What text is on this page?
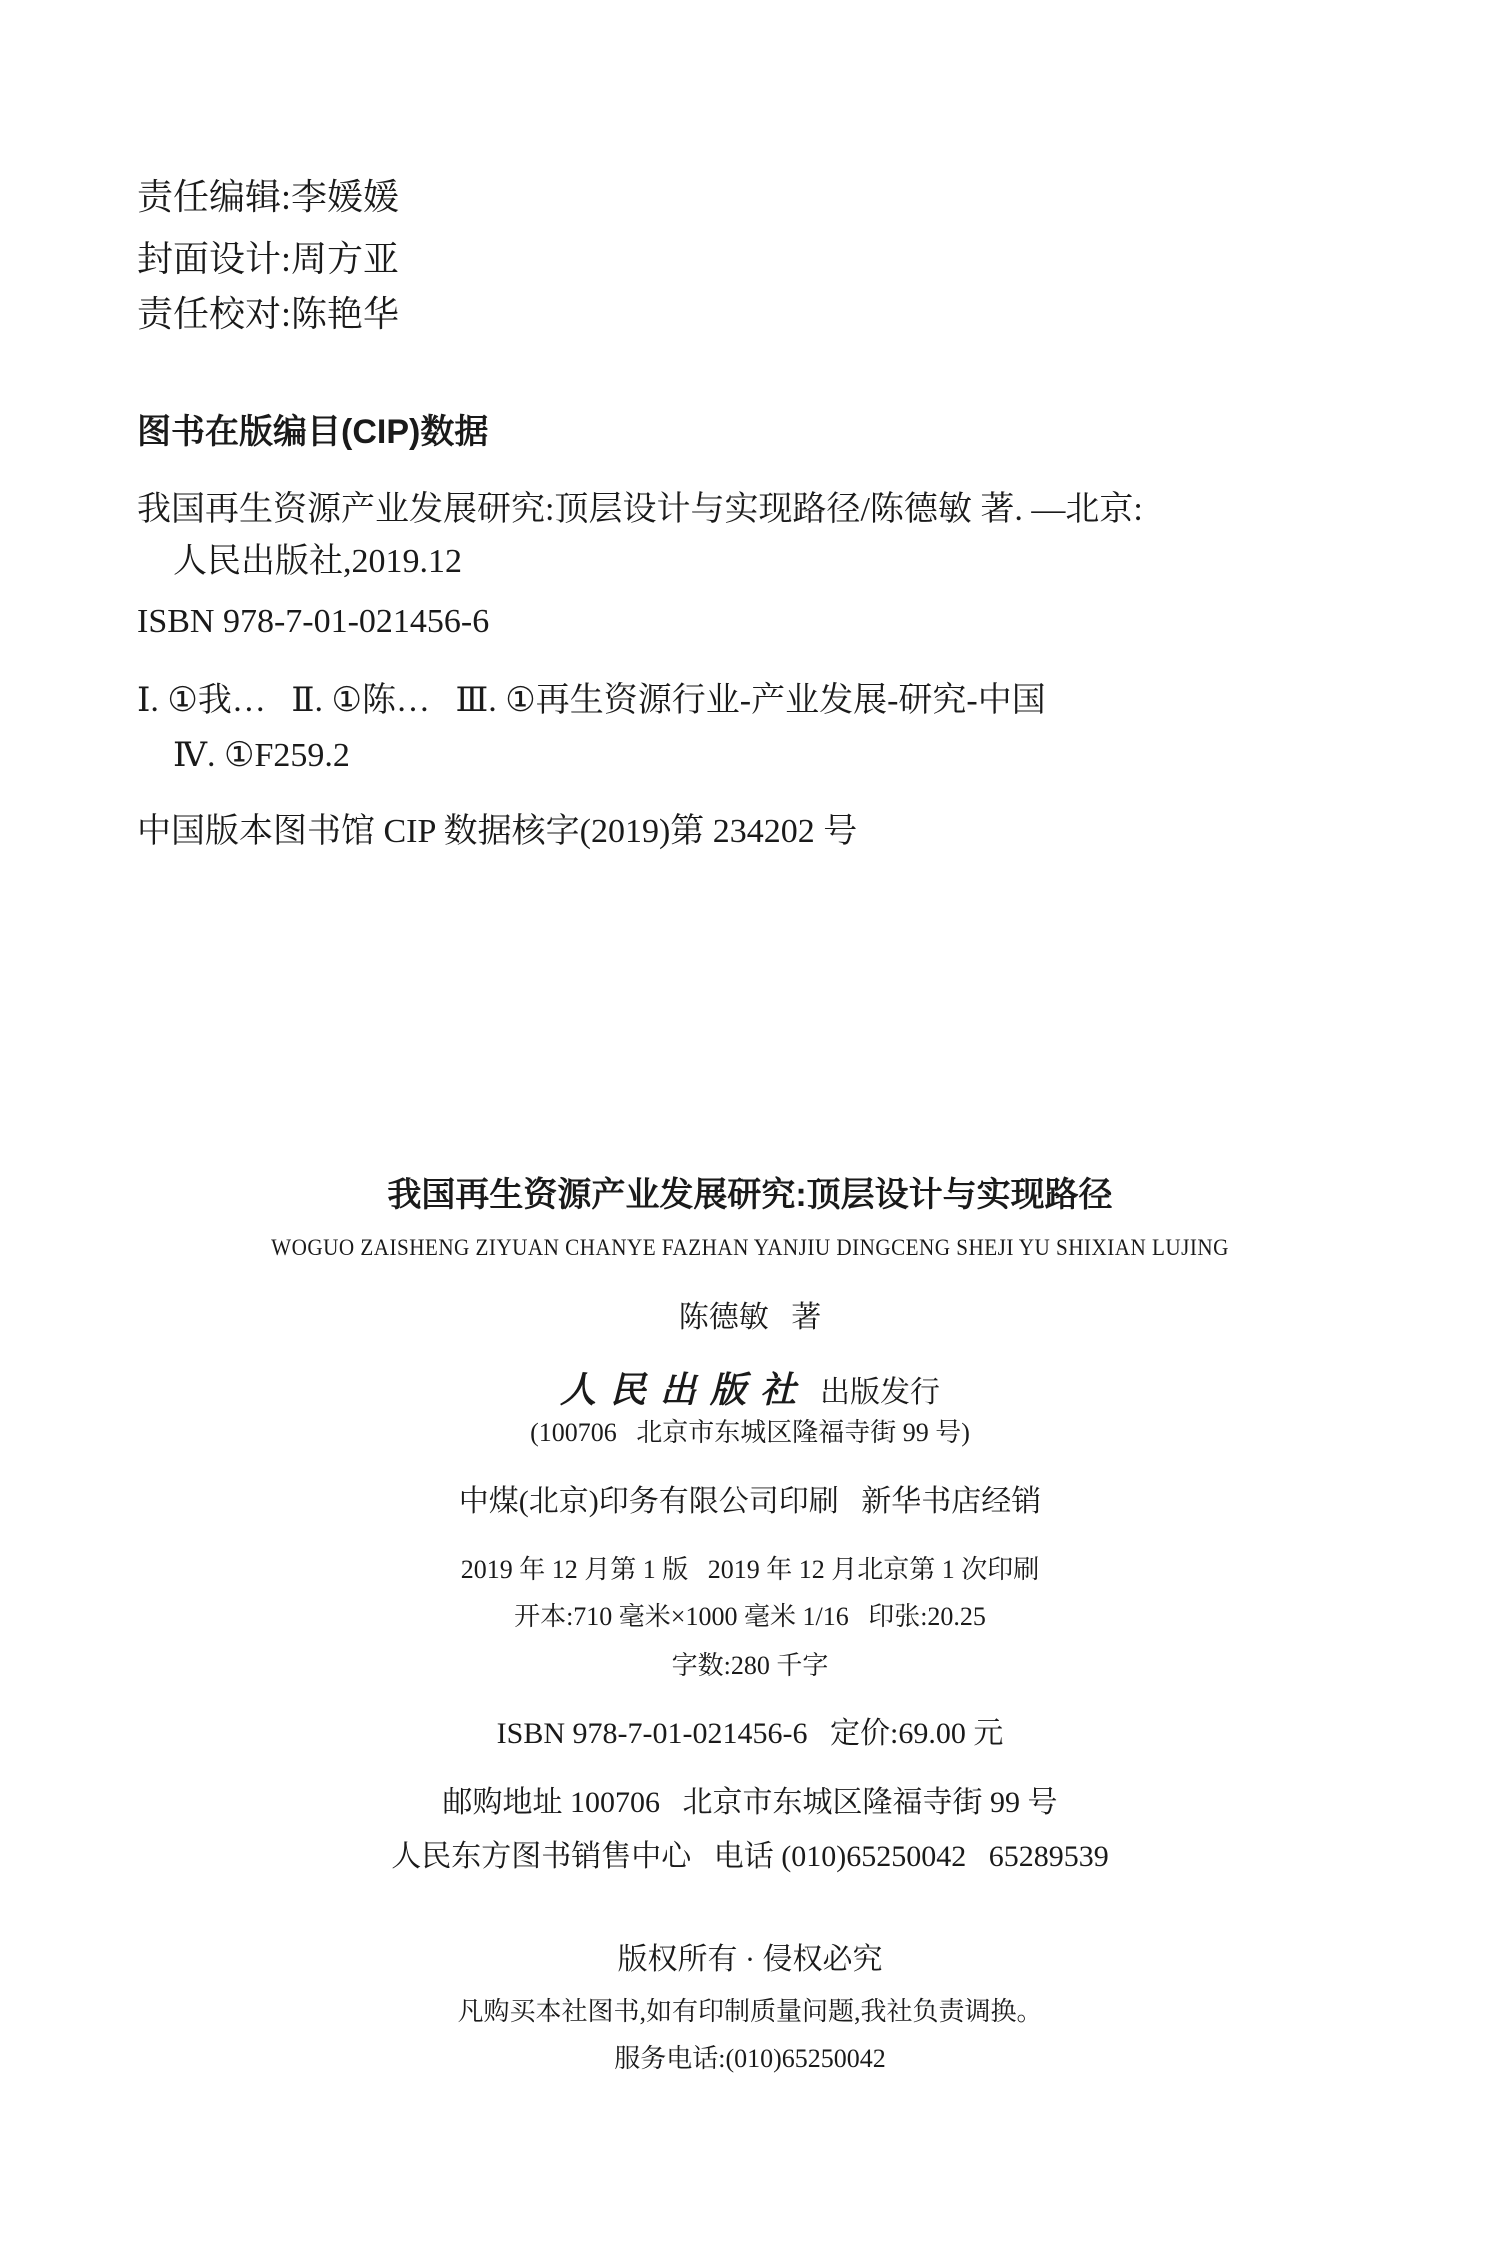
责任编辑:李媛媛
封面设计:周方亚
责任校对:陈艳华
图书在版编目(CIP)数据
我国再生资源产业发展研究:顶层设计与实现路径/陈德敏 著. —北京:
人民出版社,2019.12
ISBN 978-7-01-021456-6
Ⅰ. ①我…   Ⅱ. ①陈…   Ⅲ. ①再生资源行业-产业发展-研究-中国
Ⅳ. ①F259.2
中国版本图书馆 CIP 数据核字(2019)第 234202 号
我国再生资源产业发展研究:顶层设计与实现路径
WOGUO ZAISHENG ZIYUAN CHANYE FAZHAN YANJIU DINGCENG SHEJI YU SHIXIAN LUJING
陈德敏   著
人民出版社 出版发行
(100706   北京市东城区隆福寺街 99 号)
中煤(北京)印务有限公司印刷   新华书店经销
2019 年 12 月第 1 版   2019 年 12 月北京第 1 次印刷
开本:710 毫米×1000 毫米 1/16   印张:20.25
字数:280 千字
ISBN 978-7-01-021456-6   定价:69.00 元
邮购地址 100706   北京市东城区隆福寺街 99 号
人民东方图书销售中心   电话 (010)65250042   65289539
版权所有 · 侵权必究
凡购买本社图书,如有印制质量问题,我社负责调换。
服务电话:(010)65250042
